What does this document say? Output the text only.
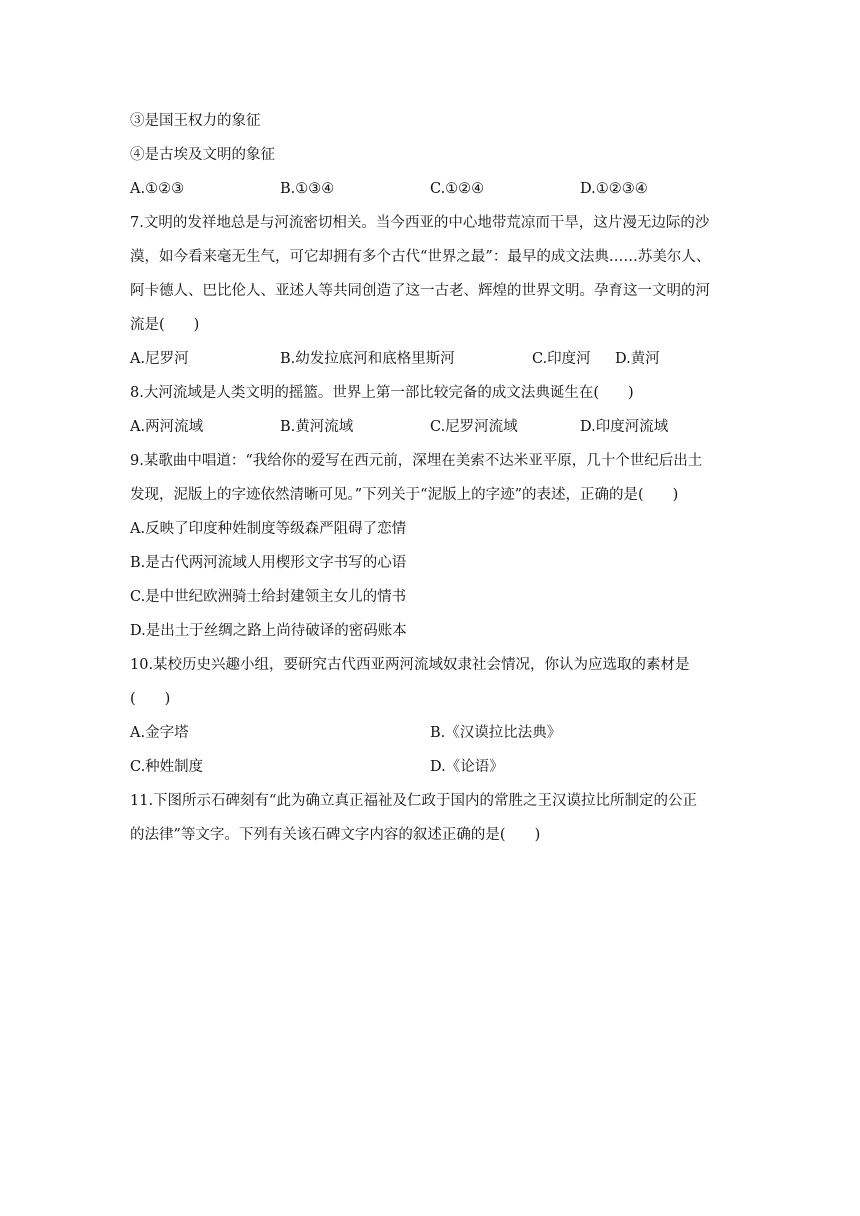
③是国王权力的象征
④是古埃及文明的象征
A.①②③	B.①③④	C.①②④	D.①②③④
7.文明的发祥地总是与河流密切相关。当今西亚的中心地带荒凉而干旱，这片漫无边际的沙
漠，如今看来毫无生气，可它却拥有多个古代“世界之最”：最早的成文法典……苏美尔人、
阿卡德人、巴比伦人、亚述人等共同创造了这一古老、辉煌的世界文明。孕育这一文明的河
流是(　　)
A.尼罗河	B.幼发拉底河和底格里斯河	C.印度河 D.黄河
8.大河流域是人类文明的摇篮。世界上第一部比较完备的成文法典诞生在(　　)
A.两河流域	B.黄河流域	C.尼罗河流域	D.印度河流域
9.某歌曲中唱道：“我给你的爱写在西元前，深埋在美索不达米亚平原，几十个世纪后出土
发现，泥版上的字迹依然清晰可见。”下列关于“泥版上的字迹”的表述，正确的是(　　)
A.反映了印度种姓制度等级森严阻碍了恋情
B.是古代两河流域人用楔形文字书写的心语
C.是中世纪欧洲骑士给封建领主女儿的情书
D.是出土于丝绸之路上尚待破译的密码账本
10.某校历史兴趣小组，要研究古代西亚两河流域奴隶社会情况，你认为应选取的素材是
(　　)
A.金字塔	B.《汉谟拉比法典》
C.种姓制度	D.《论语》
11.下图所示石碑刻有“此为确立真正福祉及仁政于国内的常胜之王汉谟拉比所制定的公正
的法律”等文字。下列有关该石碑文字内容的叙述正确的是(　　)
